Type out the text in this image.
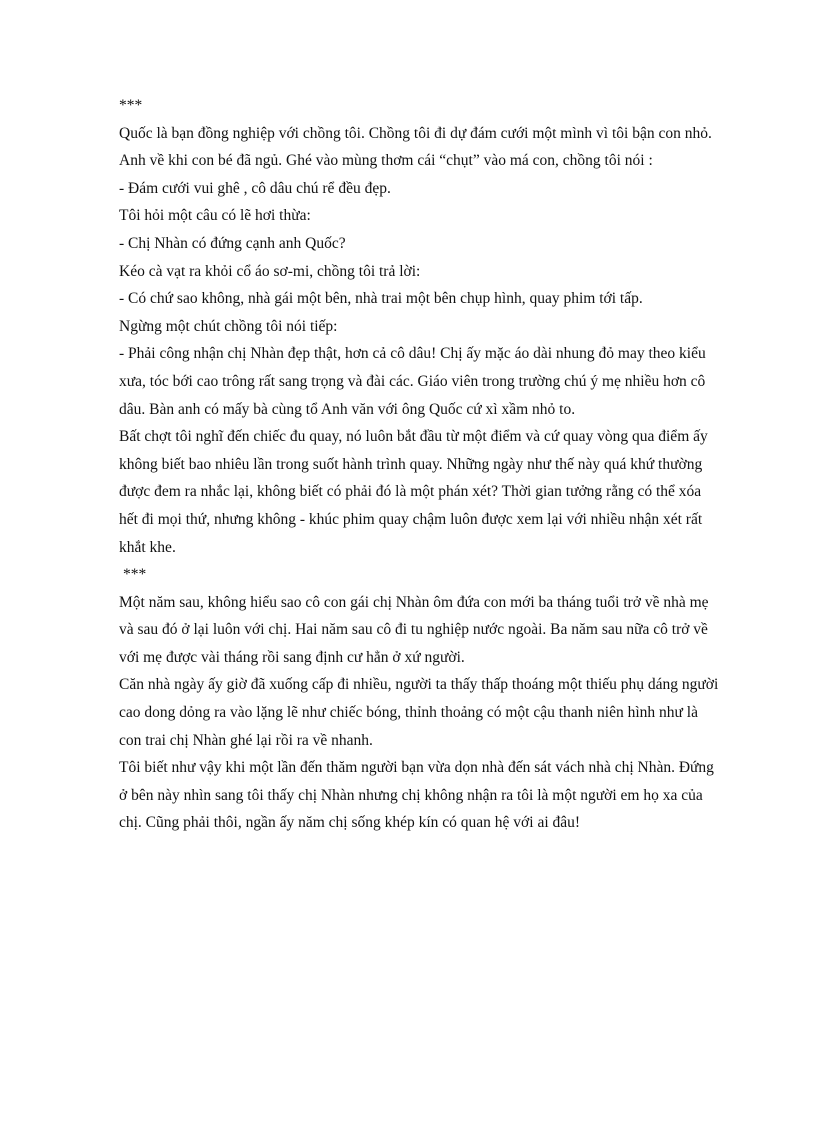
***
Quốc là bạn đồng nghiệp với chồng tôi. Chồng tôi đi dự đám cưới một mình vì tôi bận con nhỏ.
Anh về khi con bé đã ngủ. Ghé vào mùng thơm cái “chụt” vào má con, chồng tôi nói :
- Đám cưới vui ghê , cô dâu chú rể đều đẹp.
Tôi hỏi một câu có lẽ hơi thừa:
- Chị Nhàn có đứng cạnh anh Quốc?
Kéo cà vạt ra khỏi cổ áo sơ-mi, chồng tôi trả lời:
- Có chứ sao không, nhà gái một bên, nhà trai một bên chụp hình, quay phim tới tấp.
Ngừng một chút chồng tôi nói tiếp:
- Phải công nhận chị Nhàn đẹp thật, hơn cả cô dâu! Chị ấy mặc áo dài nhung đỏ may theo kiểu
xưa, tóc bới cao trông rất sang trọng và đài các. Giáo viên trong trường chú ý mẹ nhiều hơn cô
dâu. Bàn anh có mấy bà cùng tổ Anh văn với ông Quốc cứ xì xầm nhỏ to.
Bất chợt tôi nghĩ đến chiếc đu quay, nó luôn bắt đầu từ một điểm và cứ quay vòng qua điểm ấy
không biết bao nhiêu lần trong suốt hành trình quay. Những ngày như thế này quá khứ thường
được đem ra nhắc lại, không biết có phải đó là một phán xét? Thời gian tưởng rằng có thể xóa
hết đi mọi thứ, nhưng không - khúc phim quay chậm luôn được xem lại với nhiều nhận xét rất
khắt khe.
***
Một năm sau, không hiểu sao cô con gái chị Nhàn ôm đứa con mới ba tháng tuổi trở về nhà mẹ
và sau đó ở lại luôn với chị. Hai năm sau cô đi tu nghiệp nước ngoài. Ba năm sau nữa cô trở về
với mẹ được vài tháng rồi sang định cư hẳn ở xứ người.
Căn nhà ngày ấy giờ đã xuống cấp đi nhiều, người ta thấy thấp thoáng một thiếu phụ dáng người
cao dong dỏng ra vào lặng lẽ như chiếc bóng, thỉnh thoảng có một cậu thanh niên hình như là
con trai chị Nhàn ghé lại rồi ra về nhanh.
Tôi biết như vậy khi một lần đến thăm người bạn vừa dọn nhà đến sát vách nhà chị Nhàn. Đứng
ở bên này nhìn sang tôi thấy chị Nhàn nhưng chị không nhận ra tôi là một người em họ xa của
chị. Cũng phải thôi, ngần ấy năm chị sống khép kín có quan hệ với ai đâu!
